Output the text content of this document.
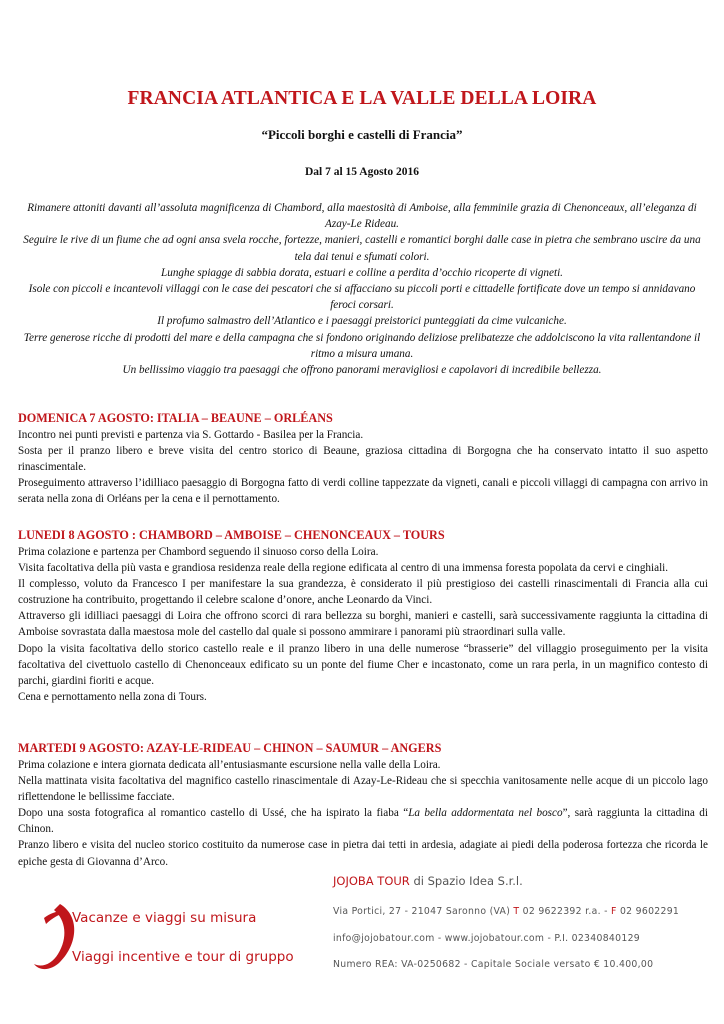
FRANCIA ATLANTICA E LA VALLE DELLA LOIRA
“Piccoli borghi e castelli di Francia”
Dal 7 al 15 Agosto 2016

Rimanere attoniti davanti all’assoluta magnificenza di Chambord, alla maestosità di Amboise, alla femminile grazia di Chenonceaux, all’eleganza di Azay-Le Rideau.

Seguire le rive di un fiume che ad ogni ansa svela rocche, fortezze, manieri, castelli e romantici borghi dalle case in pietra che sembrano uscire da una tela dai tenui e sfumati colori.

Lunghe spiagge di sabbia dorata, estuari e colline a perdita d’occhio ricoperte di vigneti.

Isole con piccoli e incantevoli villaggi con le case dei pescatori che si affacciano su piccoli porti e cittadelle fortificate dove un tempo si annidavano feroci corsari.

Il profumo salmastro dell’Atlantico e i paesaggi preistorici punteggiati da cime vulcaniche.

Terre generose ricche di prodotti del mare e della campagna che si fondono originando deliziose prelibatezze che addolciscono la vita rallentandone il ritmo a misura umana.

Un bellissimo viaggio tra paesaggi che offrono panorami meravigliosi e capolavori di incredibile bellezza.

DOMENICA 7 AGOSTO: ITALIA – BEAUNE – ORLÉANS

Incontro nei punti previsti e partenza via S. Gottardo - Basilea per la Francia.

Sosta per il pranzo libero e breve visita del centro storico di Beaune, graziosa cittadina di Borgogna che ha conservato intatto il suo aspetto rinascimentale.

Proseguimento attraverso l’idilliaco paesaggio di Borgogna fatto di verdi colline tappezzate da vigneti, canali e piccoli villaggi di campagna con arrivo in serata nella zona di Orléans per la cena e il pernottamento.

LUNEDI 8 AGOSTO : CHAMBORD – AMBOISE – CHENONCEAUX – TOURS

Prima colazione e partenza per Chambord seguendo il sinuoso corso della Loira.

Visita facoltativa della più vasta e grandiosa residenza reale della regione edificata al centro di una immensa foresta popolata da cervi e cinghiali.

Il complesso, voluto da Francesco I per manifestare la sua grandezza, è considerato il più prestigioso dei castelli rinascimentali di Francia alla cui costruzione ha contribuito, progettando il celebre scalone d’onore, anche Leonardo da Vinci.

Attraverso gli idilliaci paesaggi di Loira che offrono scorci di rara bellezza su borghi, manieri e castelli, sarà successivamente raggiunta la cittadina di Amboise sovrastata dalla maestosa mole del castello dal quale si possono ammirare i panorami più straordinari sulla valle.

Dopo la visita facoltativa dello storico castello reale e il pranzo libero in una delle numerose “brasserie” del villaggio proseguimento per la visita facoltativa del civettuolo castello di Chenonceaux edificato su un ponte del fiume Cher e incastonato, come un rara perla, in un magnifico contesto di parchi, giardini fioriti e acque.

Cena e pernottamento nella zona di Tours.

MARTEDI 9 AGOSTO: AZAY-LE-RIDEAU – CHINON – SAUMUR – ANGERS

Prima colazione e intera giornata dedicata all’entusiasmante escursione nella valle della Loira.

Nella mattinata visita facoltativa del magnifico castello rinascimentale di Azay-Le-Rideau che si specchia vanitosamente nelle acque di un piccolo lago riflettendone le bellissime facciate.

Dopo una sosta fotografica al romantico castello di Ussé, che ha ispirato la fiaba “La bella addormentata nel bosco”, sarà raggiunta la cittadina di Chinon.

Pranzo libero e visita del nucleo storico costituito da numerose case in pietra dai tetti in ardesia, adagiate ai piedi della poderosa fortezza che ricorda le epiche gesta di Giovanna d’Arco.

Vacanze e viaggi su misura
Viaggi incentive e tour di gruppo
JOJOBA TOUR di Spazio Idea S.r.l.
Via Portici, 27 - 21047 Saronno (VA) T 02 9622392 r.a. - F 02 9602291
info@jojobatour.com - www.jojobatour.com - P.I. 02340840129
Numero REA: VA-0250682 - Capitale Sociale versato € 10.400,00
